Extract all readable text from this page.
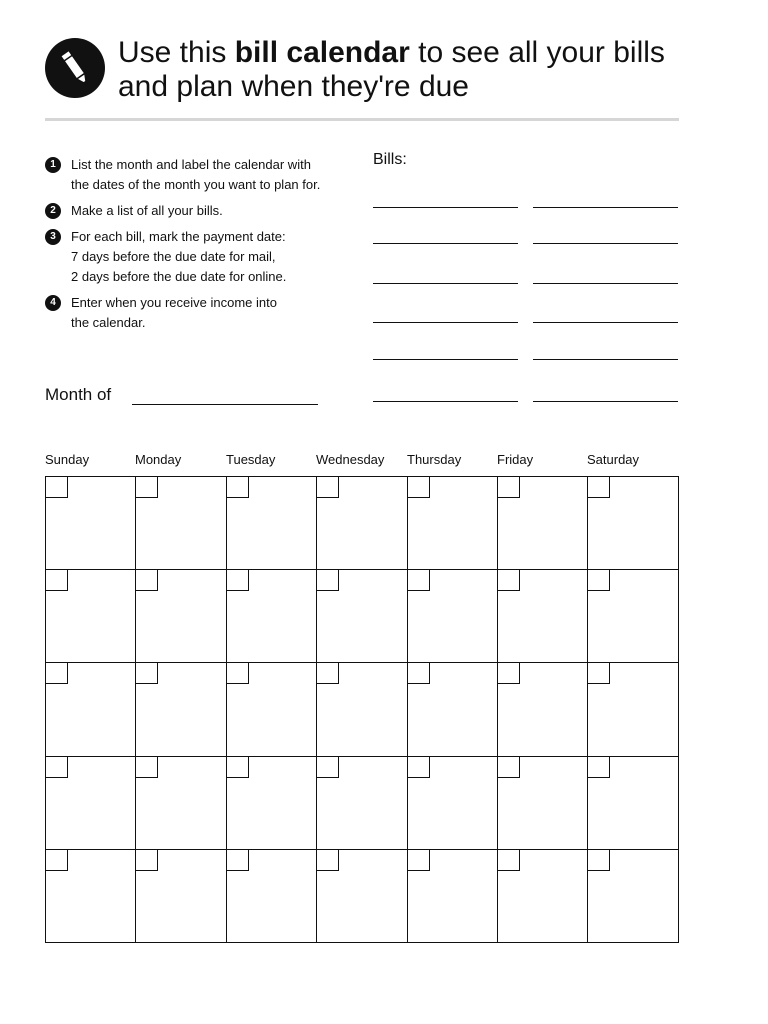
Use this bill calendar to see all your bills and plan when they're due
1	List the month and label the calendar with
the dates of the month you want to plan for.
2	Make a list of all your bills.
3	For each bill, mark the payment date:
7 days before the due date for mail,
2 days before the due date for online.
4	Enter when you receive income into
the calendar.
Month of
Bills:
Sunday	Monday	Tuesday	Wednesday Thursday	Friday	Saturday
